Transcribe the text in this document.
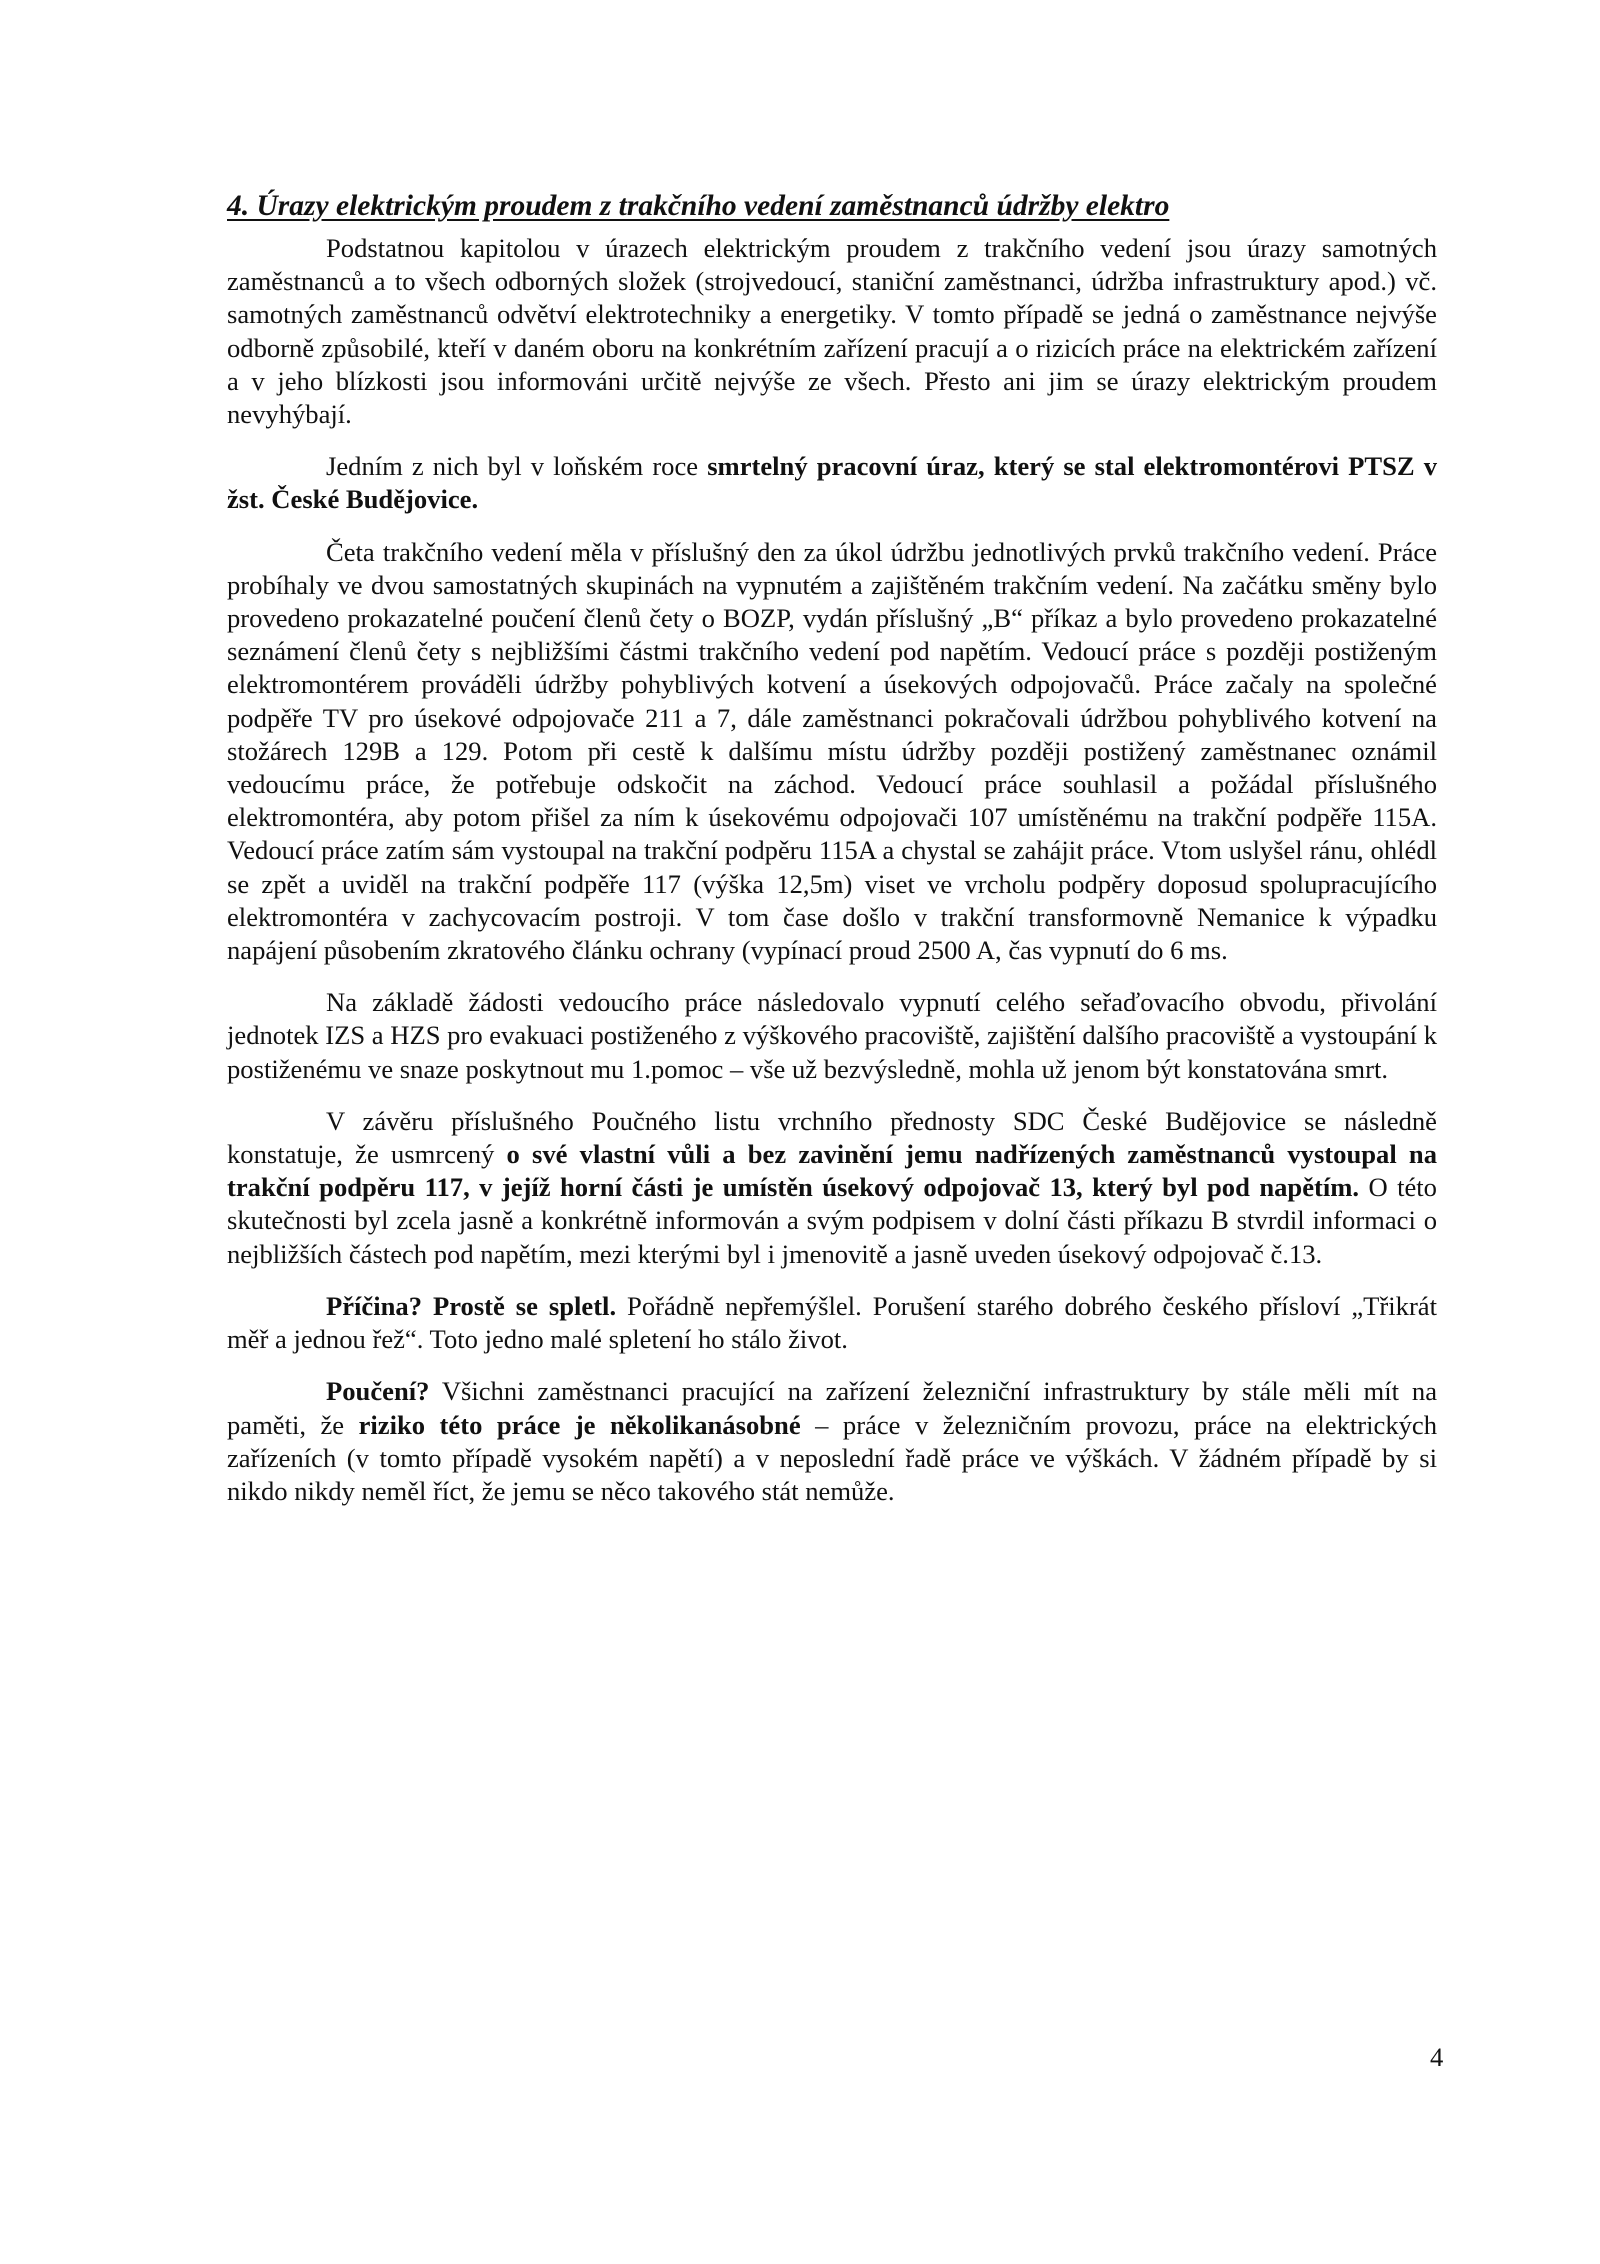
4. Úrazy elektrickým proudem z trakčního vedení zaměstnanců údržby elektro

Podstatnou kapitolou v úrazech elektrickým proudem z trakčního vedení jsou úrazy samotných zaměstnanců a to všech odborných složek (strojvedoucí, staniční zaměstnanci, údržba infrastruktury apod.) vč. samotných zaměstnanců odvětví elektrotechniky a energetiky. V tomto případě se jedná o zaměstnance nejvýše odborně způsobilé, kteří v daném oboru na konkrétním zařízení pracují a o rizicích práce na elektrickém zařízení a v jeho blízkosti jsou informováni určitě nejvýše ze všech. Přesto ani jim se úrazy elektrickým proudem nevyhýbají.

Jedním z nich byl v loňském roce smrtelný pracovní úraz, který se stal elektromontérovi PTSZ v žst. České Budějovice.

Četa trakčního vedení měla v příslušný den za úkol údržbu jednotlivých prvků trakčního vedení. Práce probíhaly ve dvou samostatných skupinách na vypnutém a zajištěném trakčním vedení. Na začátku směny bylo provedeno prokazatelné poučení členů čety o BOZP, vydán příslušný „B“ příkaz a bylo provedeno prokazatelné seznámení členů čety s nejbližšími částmi trakčního vedení pod napětím. Vedoucí práce s později postiženým elektromontérem prováděli údržby pohyblivých kotvení a úsekových odpojovačů. Práce začaly na společné podpěře TV pro úsekové odpojovače 211 a 7, dále zaměstnanci pokračovali údržbou pohyblivého kotvení na stožárech 129B a 129. Potom při cestě k dalšímu místu údržby později postižený zaměstnanec oznámil vedoucímu práce, že potřebuje odskočit na záchod. Vedoucí práce souhlasil a požádal příslušného elektromontéra, aby potom přišel za ním k úsekovému odpojovači 107 umístěnému na trakční podpěře 115A. Vedoucí práce zatím sám vystoupal na trakční podpěru 115A a chystal se zahájit práce. Vtom uslyšel ránu, ohlédl se zpět a uviděl na trakční podpěře 117 (výška 12,5m) viset ve vrcholu podpěry doposud spolupracujícího elektromontéra v zachycovacím postroji. V tom čase došlo v trakční transformovně Nemanice k výpadku napájení působením zkratového článku ochrany (vypínací proud 2500 A, čas vypnutí do 6 ms.

Na základě žádosti vedoucího práce následovalo vypnutí celého seřaďovacího obvodu, přivolání jednotek IZS a HZS pro evakuaci postiženého z výškového pracoviště, zajištění dalšího pracoviště a vystoupání k postiženému ve snaze poskytnout mu 1.pomoc – vše už bezvýsledně, mohla už jenom být konstatována smrt.

V závěru příslušného Poučného listu vrchního přednosty SDC České Budějovice se následně konstatuje, že usmrcený o své vlastní vůli a bez zavinění jemu nadřízených zaměstnanců vystoupal na trakční podpěru 117, v jejíž horní části je umístěn úsekový odpojovač 13, který byl pod napětím. O této skutečnosti byl zcela jasně a konkrétně informován a svým podpisem v dolní části příkazu B stvrdil informaci o nejbližších částech pod napětím, mezi kterými byl i jmenovitě a jasně uveden úsekový odpojovač č.13.

Příčina? Prostě se spletl. Pořádně nepřemýšlel. Porušení starého dobrého českého přísloví „Třikrát měř a jednou řež“. Toto jedno malé spletení ho stálo život.

Poučení? Všichni zaměstnanci pracující na zařízení železniční infrastruktury by stále měli mít na paměti, že riziko této práce je několikanásobné – práce v železničním provozu, práce na elektrických zařízeních (v tomto případě vysokém napětí) a v neposlední řadě práce ve výškách. V žádném případě by si nikdo nikdy neměl říct, že jemu se něco takového stát nemůže.

4
